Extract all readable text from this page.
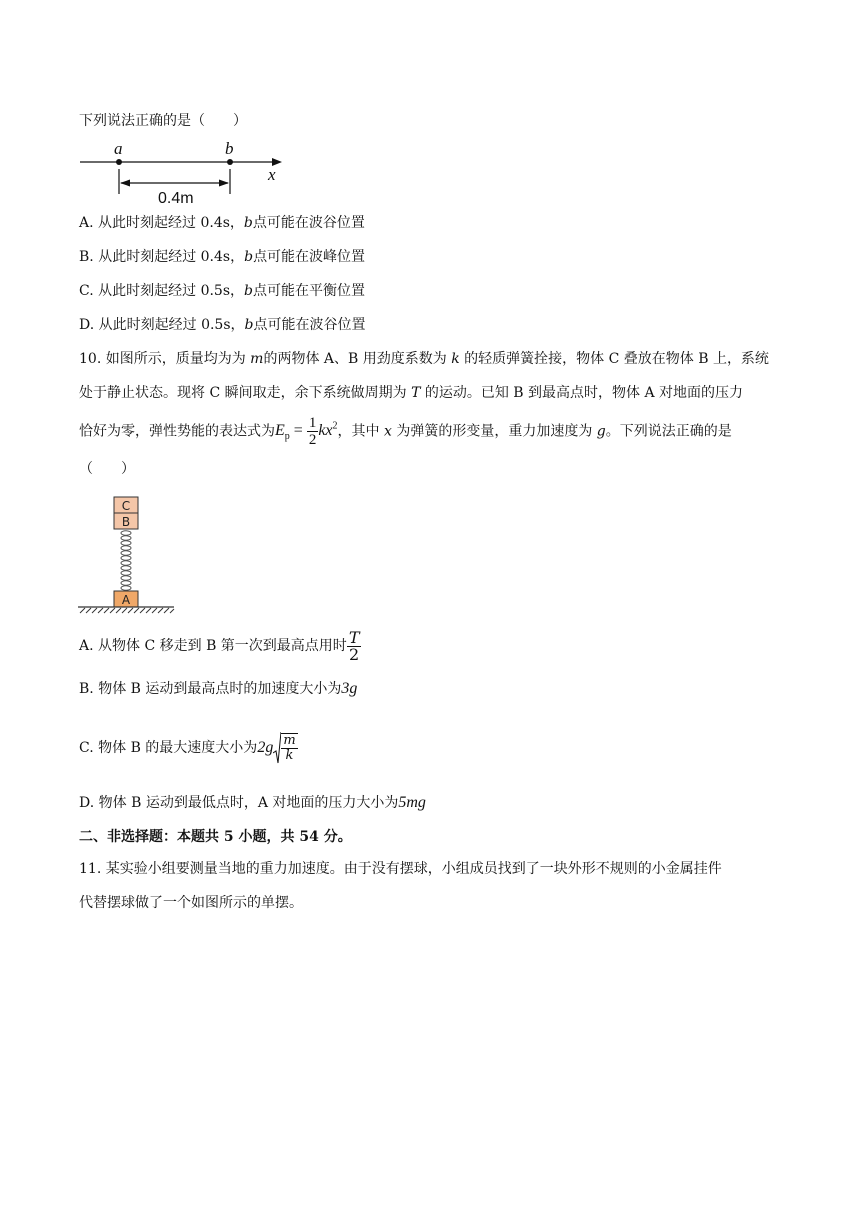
下列说法正确的是（　　）
a	b
x
0.4m
A. 从此时刻起经过 0.4s，b点可能在波谷位置
B. 从此时刻起经过 0.4s，b点可能在波峰位置
C. 从此时刻起经过 0.5s，b点可能在平衡位置
D. 从此时刻起经过 0.5s，b点可能在波谷位置
10. 如图所示，质量均为为 m的两物体 A、B 用劲度系数为 k 的轻质弹簧拴接，物体 C 叠放在物体 B 上，系统
处于静止状态。现将 C 瞬间取走，余下系统做周期为 T 的运动。已知 B 到最高点时，物体 A 对地面的压力
恰好为零，弹性势能的表达式为$E_p = \frac{1}{2} kx^2$，其中 x 为弹簧的形变量，重力加速度为 g。下列说法正确的是
（　　）
C
B
A
A. 从物体 C 移走到 B 第一次到最高点用时 $\frac{T}{2}$
B. 物体 B 运动到最高点时的加速度大小为3g
C. 物体 B 的最大速度大小为$2g \frac{m}{k}$
D. 物体 B 运动到最低点时，A 对地面的压力大小为5mg
二、非选择题：本题共 5 小题，共 54 分。
11. 某实验小组要测量当地的重力加速度。由于没有摆球，小组成员找到了一块外形不规则的小金属挂件
代替摆球做了一个如图所示的单摆。
